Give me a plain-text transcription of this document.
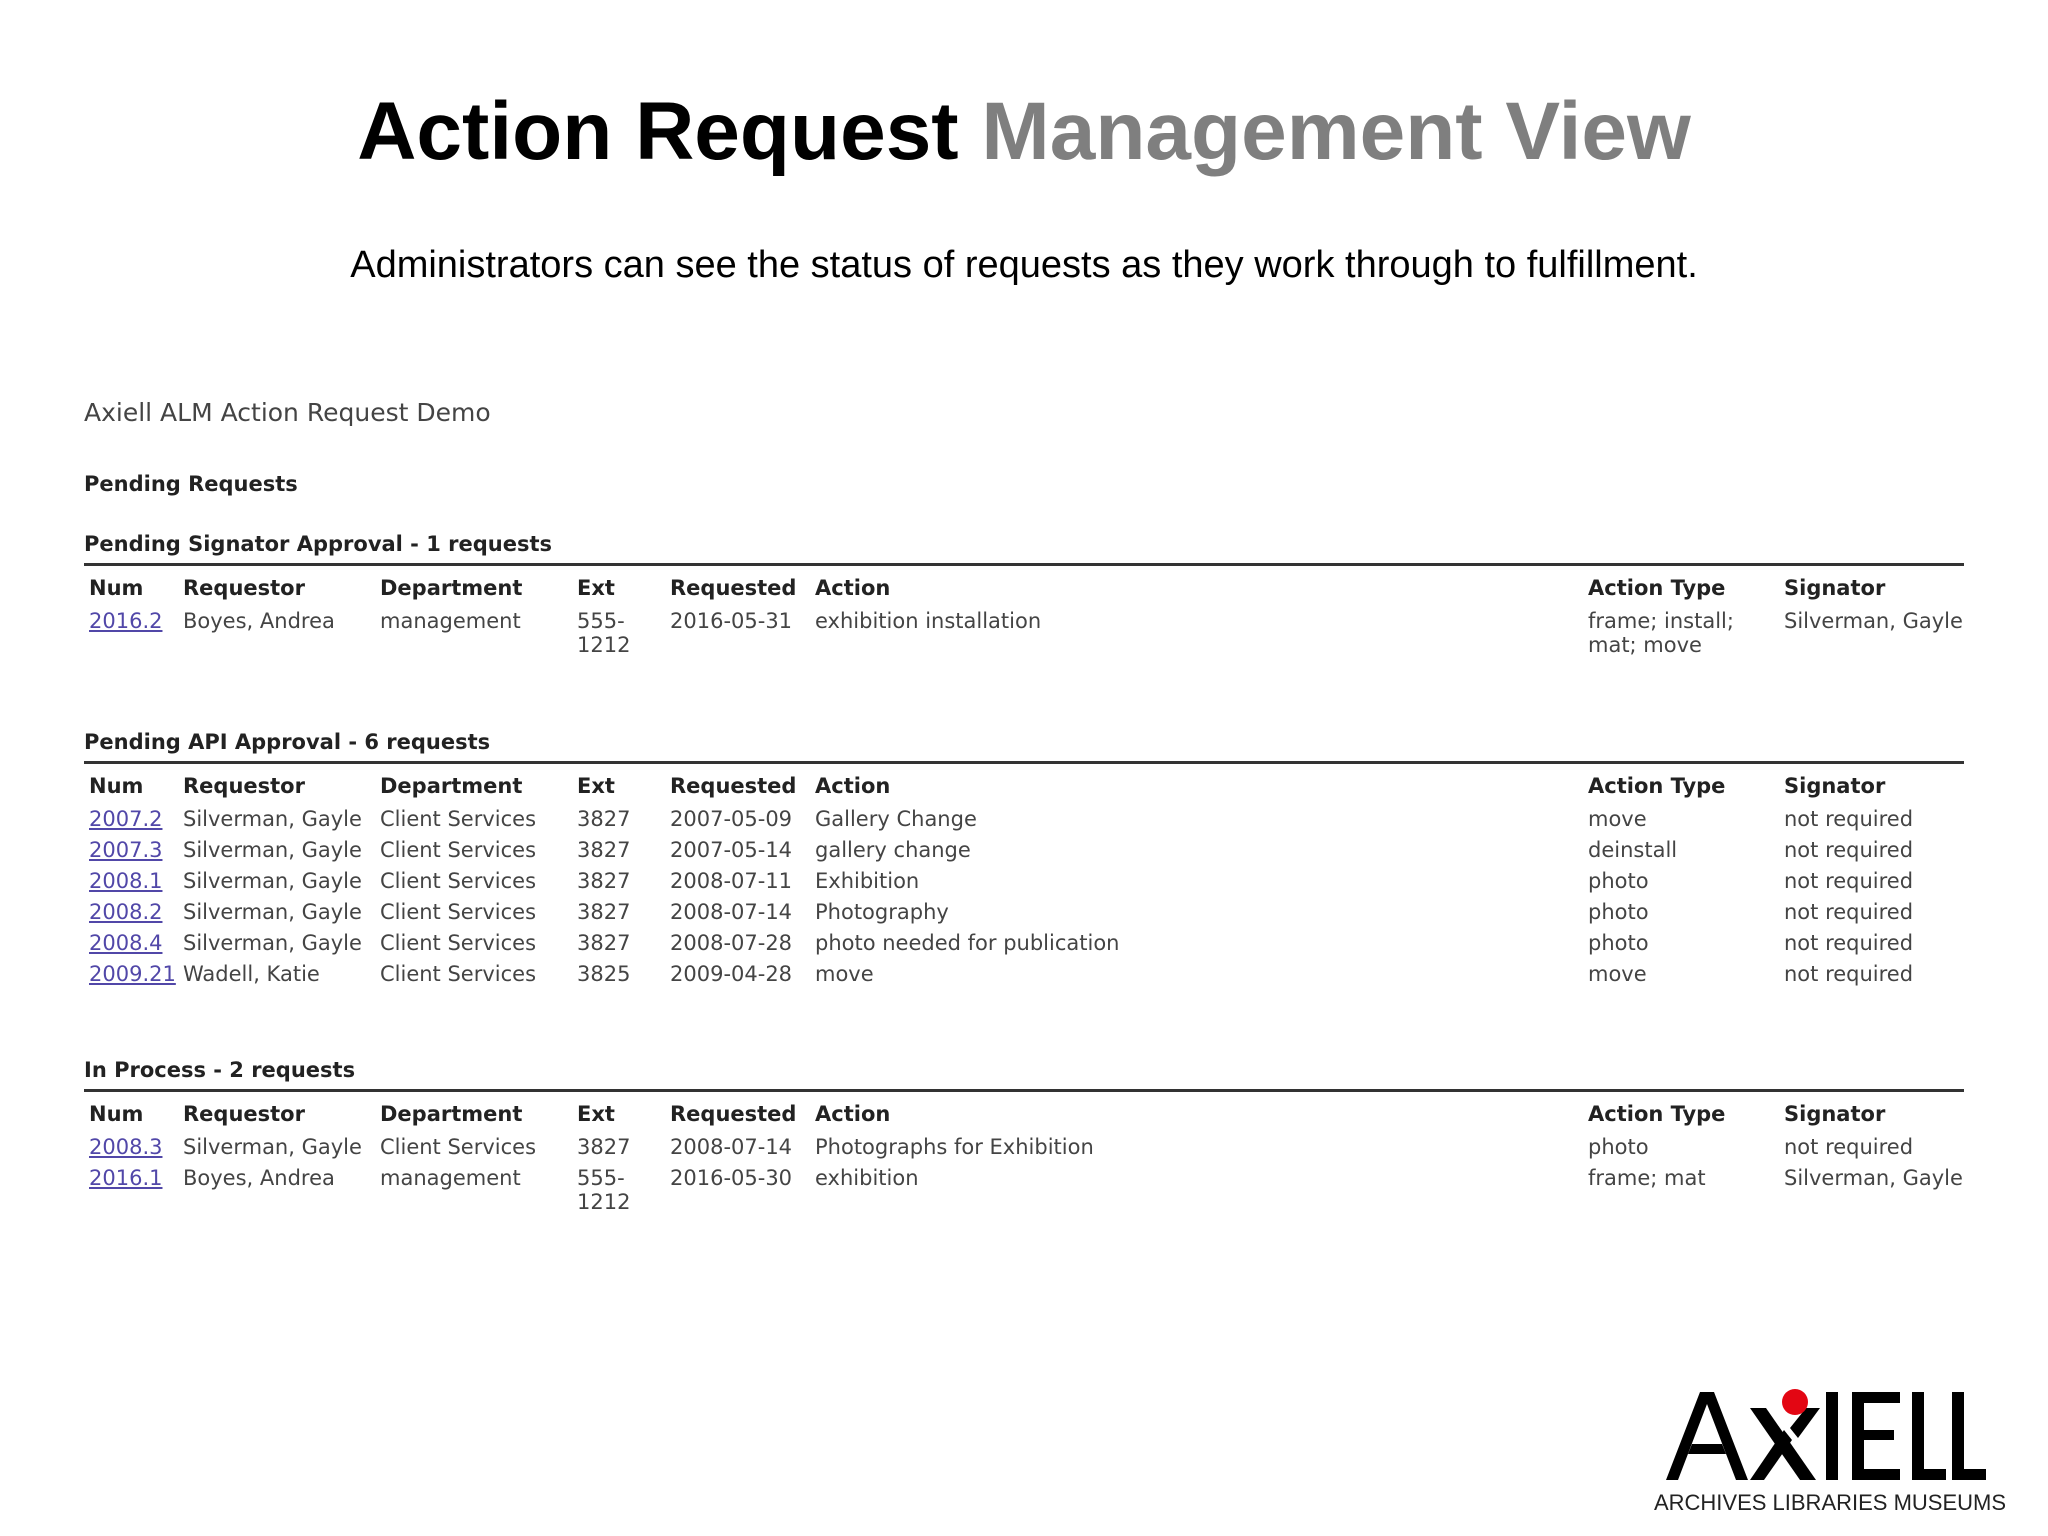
Action Request Management View
Administrators can see the status of requests as they work through to fulfillment.
Axiell ALM Action Request Demo
Pending Requests
Pending Signator Approval - 1 requests
Num	Requestor	Department	Ext	Requested	Action	Action Type	Signator
2016.2	Boyes, Andrea	management	555-1212	2016-05-31	exhibition installation	frame; install; mat; move	Silverman, Gayle
Pending API Approval - 6 requests
Num	Requestor	Department	Ext	Requested	Action	Action Type	Signator
2007.2	Silverman, Gayle	Client Services	3827	2007-05-09	Gallery Change	move	not required
2007.3	Silverman, Gayle	Client Services	3827	2007-05-14	gallery change	deinstall	not required
2008.1	Silverman, Gayle	Client Services	3827	2008-07-11	Exhibition	photo	not required
2008.2	Silverman, Gayle	Client Services	3827	2008-07-14	Photography	photo	not required
2008.4	Silverman, Gayle	Client Services	3827	2008-07-28	photo needed for publication	photo	not required
2009.21	Wadell, Katie	Client Services	3825	2009-04-28	move	move	not required
In Process - 2 requests
Num	Requestor	Department	Ext	Requested	Action	Action Type	Signator
2008.3	Silverman, Gayle	Client Services	3827	2008-07-14	Photographs for Exhibition	photo	not required
2016.1	Boyes, Andrea	management	555-1212	2016-05-30	exhibition	frame; mat	Silverman, Gayle
ARCHIVES LIBRARIES MUSEUMS
